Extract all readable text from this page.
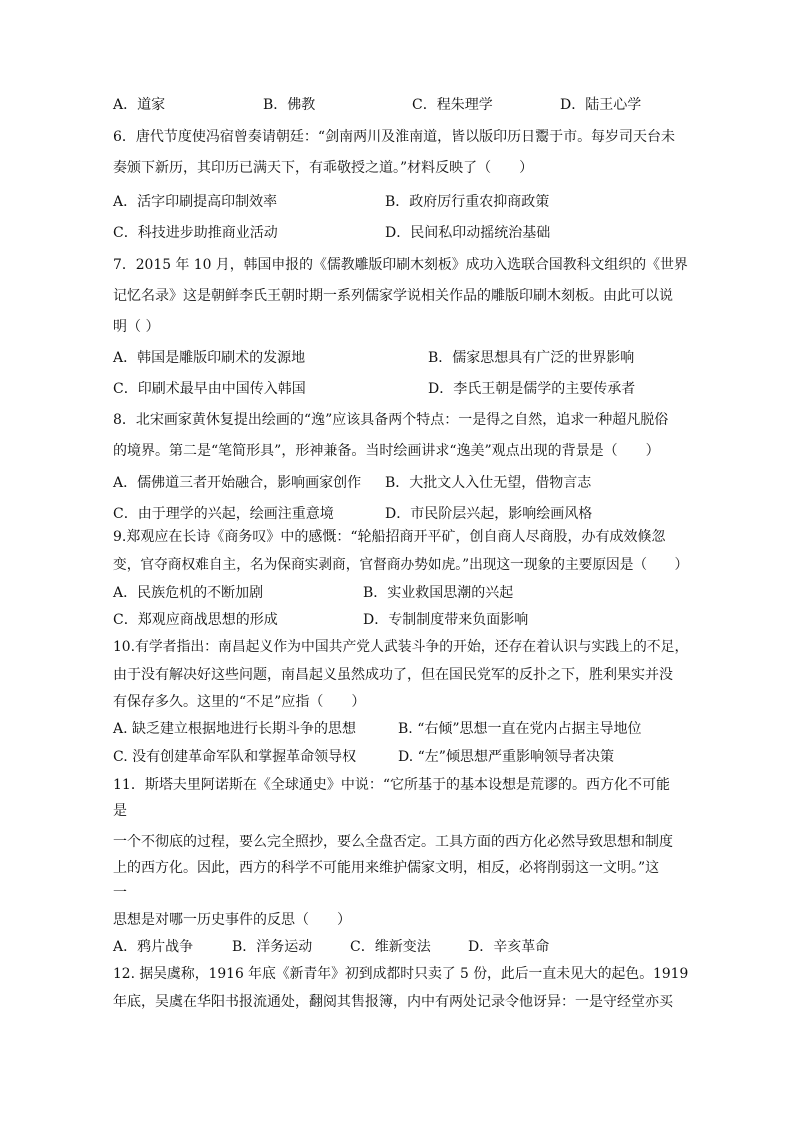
A．道家	B．佛教	C．程朱理学	D．陆王心学
6．唐代节度使冯宿曾奏请朝廷：“剑南两川及淮南道，皆以版印历日鬻于市。每岁司天台未
奏颁下新历，其印历已满天下，有乖敬授之道。”材料反映了（　　）
A．活字印刷提高印制效率	B．政府厉行重农抑商政策
C．科技进步助推商业活动	D．民间私印动摇统治基础
7．2015 年 10 月，韩国申报的《儒教雕版印刷木刻板》成功入选联合国教科文组织的《世界
记忆名录》这是朝鲜李氏王朝时期一系列儒家学说相关作品的雕版印刷木刻板。由此可以说
明（ ）
A．韩国是雕版印刷术的发源地	B．儒家思想具有广泛的世界影响
C．印刷术最早由中国传入韩国	D．李氏王朝是儒学的主要传承者
8．北宋画家黄休复提出绘画的“逸”应该具备两个特点：一是得之自然，追求一种超凡脱俗
的境界。第二是“笔简形具”，形神兼备。当时绘画讲求“逸美”观点出现的背景是（　　）
A．儒佛道三者开始融合，影响画家创作 B．大批文人入仕无望，借物言志
C．由于理学的兴起，绘画注重意境	D．市民阶层兴起，影响绘画风格
9.郑观应在长诗《商务叹》中的感慨：“轮船招商开平矿，创自商人尽商股，办有成效倏忽
变，官夺商权难自主，名为保商实剥商，官督商办势如虎。”出现这一现象的主要原因是（　　）
A．民族危机的不断加剧	B．实业救国思潮的兴起
C．郑观应商战思想的形成	D．专制制度带来负面影响
10.有学者指出：南昌起义作为中国共产党人武装斗争的开始，还存在着认识与实践上的不足，
由于没有解决好这些问题，南昌起义虽然成功了，但在国民党军的反扑之下，胜利果实并没
有保存多久。这里的“不足”应指（　　）
A. 缺乏建立根据地进行长期斗争的思想	B. “右倾”思想一直在党内占据主导地位
C. 没有创建革命军队和掌握革命领导权	D. “左”倾思想严重影响领导者决策
11．斯塔夫里阿诺斯在《全球通史》中说：“它所基于的基本设想是荒谬的。西方化不可能
是
一个不彻底的过程，要么完全照抄，要么全盘否定。工具方面的西方化必然导致思想和制度
上的西方化。因此，西方的科学不可能用来维护儒家文明，相反，必将削弱这一文明。”这
一
思想是对哪一历史事件的反思（　　）
A．鸦片战争	B．洋务运动	C．维新变法	D．辛亥革命
12. 据吴虞称，1916 年底《新青年》初到成都时只卖了 5 份，此后一直未见大的起色。1919
年底，吴虞在华阳书报流通处，翻阅其售报簿，内中有两处记录令他讶异：一是守经堂亦买
